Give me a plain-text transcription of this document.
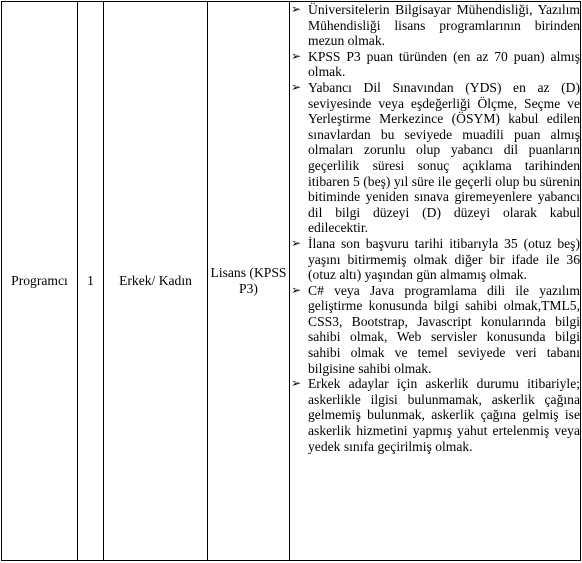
Programcı	1	Erkek/ Kadın	Lisans (KPSS P3)	
➢ Üniversitelerin Bilgisayar Mühendisliği, Yazılım Mühendisliği lisans programlarının birinden mezun olmak.
➢ KPSS P3 puan türünden (en az 70 puan) almış olmak.
➢ Yabancı Dil Sınavından (YDS) en az (D) seviyesinde veya eşdeğerliği Ölçme, Seçme ve Yerleştirme Merkezince (ÖSYM) kabul edilen sınavlardan bu seviyede muadili puan almış olmaları zorunlu olup yabancı dil puanların geçerlilik süresi sonuç açıklama tarihinden itibaren 5 (beş) yıl süre ile geçerli olup bu sürenin bitiminde yeniden sınava giremeyenlere yabancı dil bilgi düzeyi (D) düzeyi olarak kabul edilecektir.
➢ İlana son başvuru tarihi itibarıyla 35 (otuz beş) yaşını bitirmemiş olmak diğer bir ifade ile 36 (otuz altı) yaşından gün almamış olmak.
➢ C# veya Java programlama dili ile yazılım geliştirme konusunda bilgi sahibi olmak,TML5, CSS3, Bootstrap, Javascript konularında bilgi sahibi olmak, Web servisler konusunda bilgi sahibi olmak ve temel seviyede veri tabanı bilgisine sahibi olmak.
➢ Erkek adaylar için askerlik durumu itibariyle; askerlikle ilgisi bulunmamak, askerlik çağına gelmemiş bulunmak, askerlik çağına gelmiş ise askerlik hizmetini yapmış yahut ertelenmiş veya yedek sınıfa geçirilmiş olmak.
